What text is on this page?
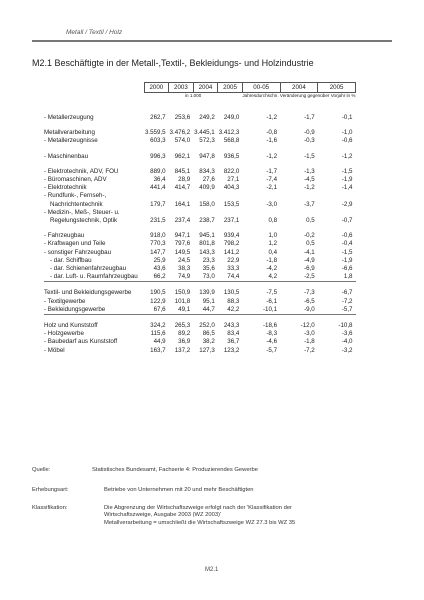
Metall / Textil / Holz
M2.1 Beschäftigte in der Metall-,Textil-, Bekleidungs- und Holzindustrie
	2000	2003	2004	2005	00-05	2004	2005
	in 1.000				Jahresdurchschn. Veränderung gegenüber Vorjahr in %		

- Metallerzeugung	262,7	253,6	249,2	249,0	-1,2	-1,7	-0,1

Metallverarbeitung	3.559,5	3.476,2	3.445,1	3.412,3	-0,8	-0,9	-1,0
- Metallerzeugnisse	603,3	574,0	572,3	568,8	-1,6	-0,3	-0,6

- Maschinenbau	996,3	962,1	947,8	936,5	-1,2	-1,5	-1,2

- Elektrotechnik, ADV, FOU	889,0	845,1	834,3	822,0	-1,7	-1,3	-1,5
- Büromaschinen, ADV	36,4	28,9	27,6	27,1	-7,4	-4,5	-1,9
- Elektrotechnik	441,4	414,7	409,9	404,3	-2,1	-1,2	-1,4
- Rundfunk-, Fernseh-,							
Nachrichtentechnik	179,7	164,1	158,0	153,5	-3,0	-3,7	-2,9
- Medizin-, Meß-, Steuer- u.							
Regelungstechnik, Optik	231,5	237,4	238,7	237,1	0,8	0,5	-0,7

- Fahrzeugbau	918,0	947,1	945,1	939,4	1,0	-0,2	-0,6
- Kraftwagen und Teile	770,3	797,6	801,8	798,2	1,2	0,5	-0,4
- sonstiger Fahrzeugbau	147,7	149,5	143,3	141,2	0,4	-4,1	-1,5
- dar. Schiffbau	25,9	24,5	23,3	22,9	-1,8	-4,9	-1,9
- dar. Schienenfahrzeugbau	43,6	38,3	35,6	33,3	-4,2	-6,9	-6,6
- dar. Luft- u. Raumfahrzeugbau	66,2	74,9	73,0	74,4	4,2	-2,5	1,8

Textil- und Bekleidungsgewerbe	190,5	150,9	139,9	130,5	-7,5	-7,3	-6,7
- Textilgewerbe	122,9	101,8	95,1	88,3	-6,1	-6,5	-7,2
- Bekleidungsgewerbe	67,6	49,1	44,7	42,2	-10,1	-9,0	-5,7

Holz und Kunststoff	324,2	265,3	252,0	243,3	-18,6	-12,0	-10,8
- Holzgewerbe	115,6	89,2	86,5	83,4	-8,3	-3,0	-3,6
- Baubedarf aus Kunststoff	44,9	36,9	38,2	36,7	-4,6	-1,8	-4,0
- Möbel	163,7	137,2	127,3	123,2	-5,7	-7,2	-3,2
Quelle:	Statistisches Bundesamt, Fachserie 4: Produzierendes Gewerbe
Erhebungsart:	Betriebe von Unternehmen mit 20 und mehr Beschäftigten
Klassifikation:	Die Abgrenzung der Wirtschaftszweige erfolgt nach der 'Klassifikation der
Wirtschaftszweige, Ausgabe 2003 (WZ 2003)'
Metallverarbeitung = umschließt die Wirtschaftszweige WZ 27.3 bis WZ 35
M2.1
